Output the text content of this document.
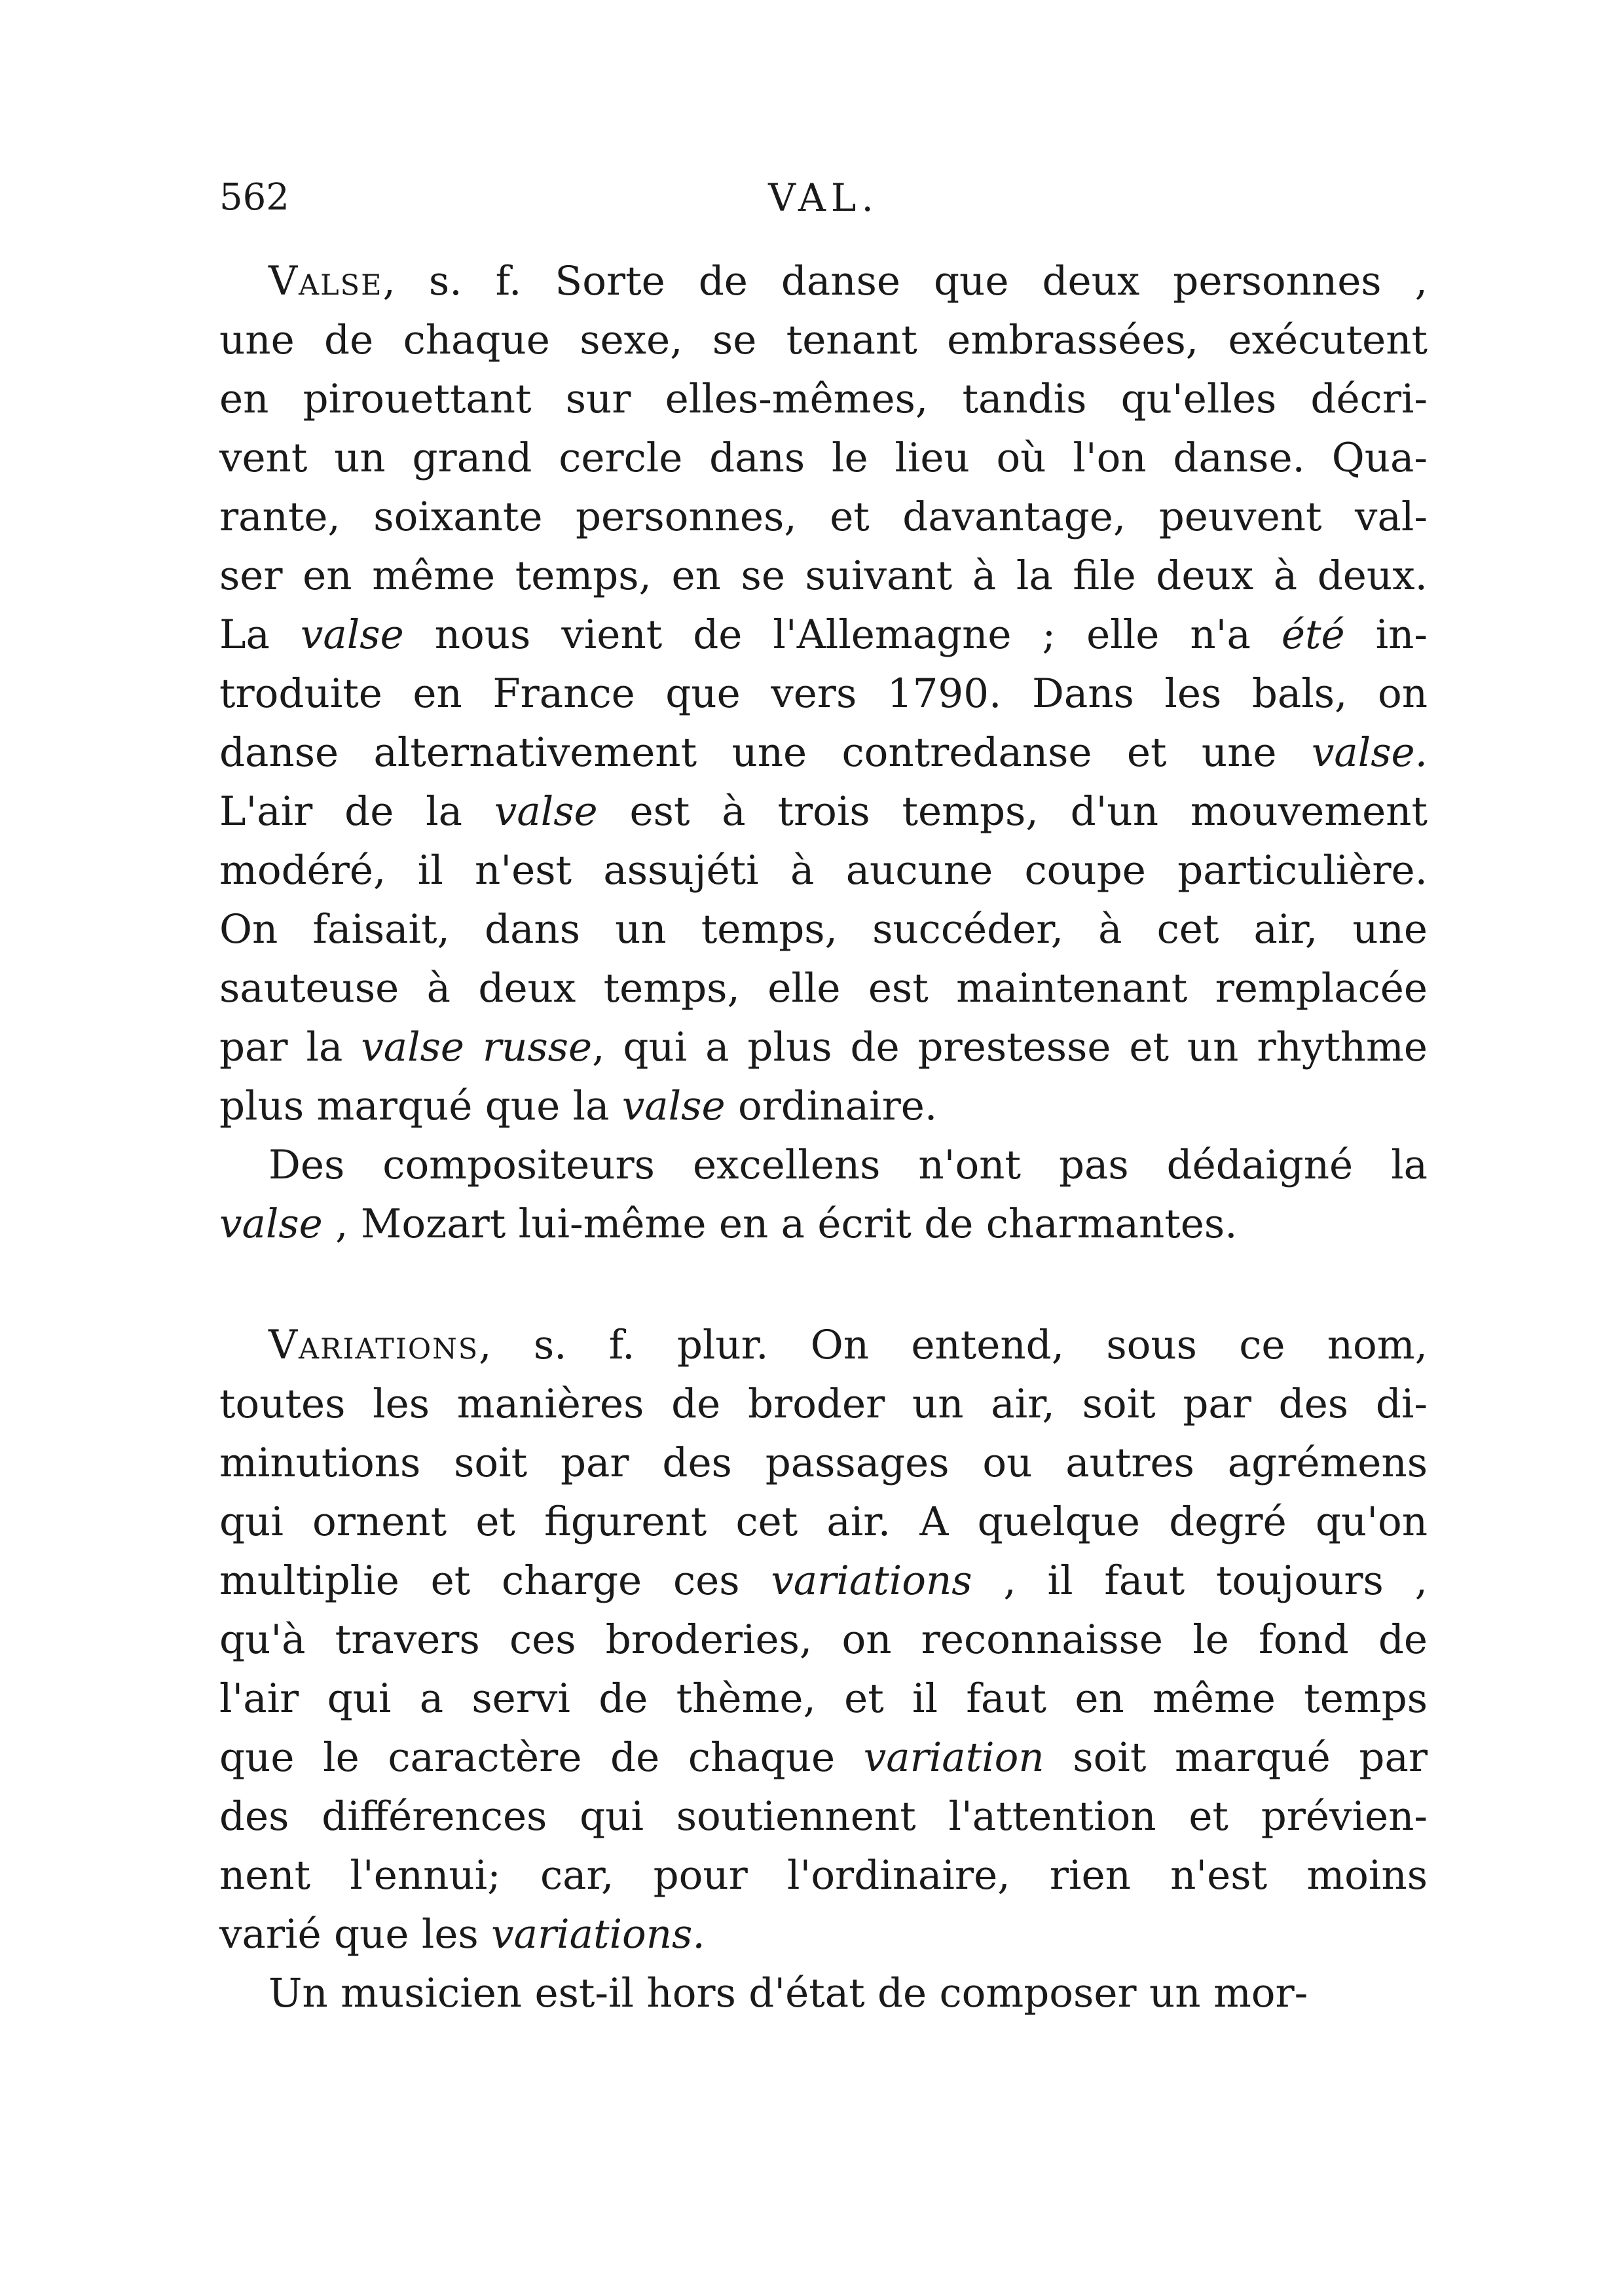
562	VAL.
Valse, s. f. Sorte de danse que deux personnes ,
une de chaque sexe, se tenant embrassées, exécutent
en pirouettant sur elles-mêmes, tandis qu'elles décri-
vent un grand cercle dans le lieu où l'on danse. Qua-
rante, soixante personnes, et davantage, peuvent val-
ser en même temps, en se suivant à la file deux à deux.
La valse nous vient de l'Allemagne ; elle n'a été in-
troduite en France que vers 1790. Dans les bals, on
danse alternativement une contredanse et une valse.
L'air de la valse est à trois temps, d'un mouvement
modéré, il n'est assujéti à aucune coupe particulière.
On faisait, dans un temps, succéder, à cet air, une
sauteuse à deux temps, elle est maintenant remplacée
par la valse russe, qui a plus de prestesse et un rhythme
plus marqué que la valse ordinaire.
Des compositeurs excellens n'ont pas dédaigné la
valse , Mozart lui-même en a écrit de charmantes.
Variations, s. f. plur. On entend, sous ce nom,
toutes les manières de broder un air, soit par des di-
minutions soit par des passages ou autres agrémens
qui ornent et figurent cet air. A quelque degré qu'on
multiplie et charge ces variations , il faut toujours ,
qu'à travers ces broderies, on reconnaisse le fond de
l'air qui a servi de thème, et il faut en même temps
que le caractère de chaque variation soit marqué par
des différences qui soutiennent l'attention et prévien-
nent l'ennui; car, pour l'ordinaire, rien n'est moins
varié que les variations.
Un musicien est-il hors d'état de composer un mor-
